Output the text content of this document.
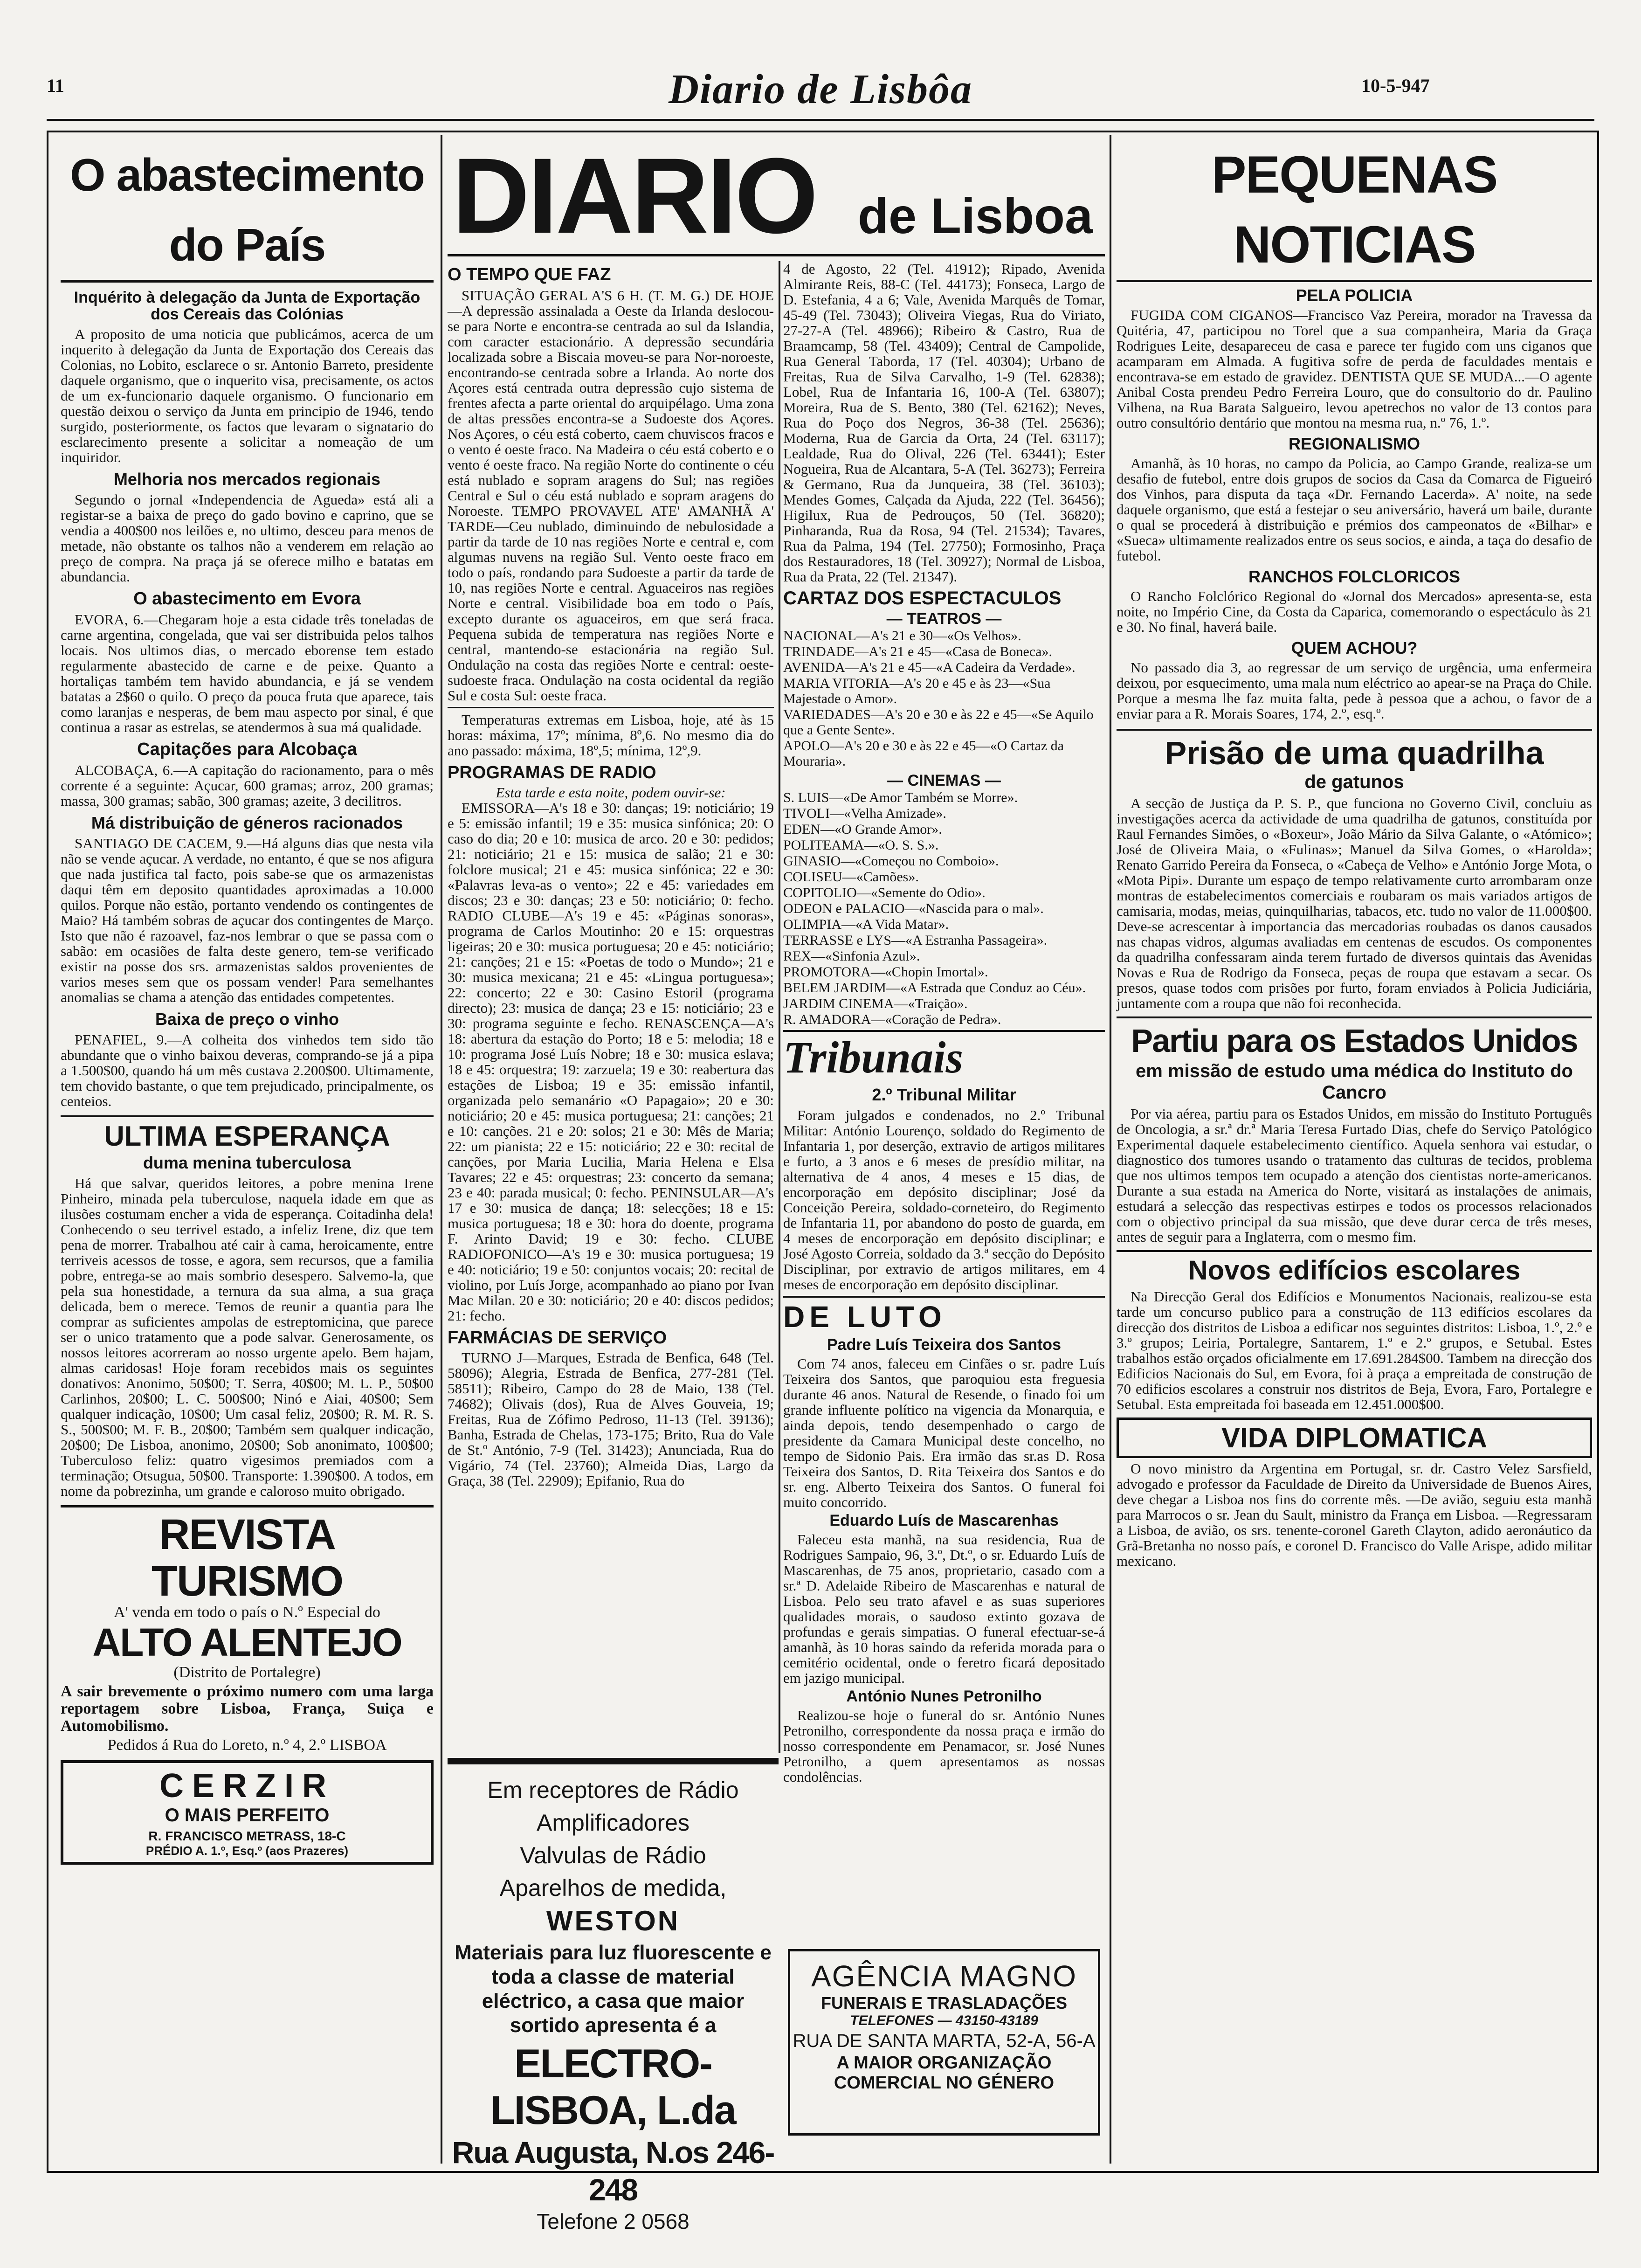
11	Diario de Lisbôa	10-5-947
O abastecimento do País
Inquérito à delegação da Junta de Exportação dos Cereais das Colónias

A proposito de uma noticia que publicámos, acerca de um inquerito à delegação da Junta de Exportação dos Cereais das Colonias, no Lobito, esclarece o sr. Antonio Barreto, presidente daquele organismo, que o inquerito visa, precisamente, os actos de um ex-funcionario daquele organismo. O funcionario em questão deixou o serviço da Junta em principio de 1946, tendo surgido, posteriormente, os factos que levaram o signatario do esclarecimento presente a solicitar a nomeação de um inquiridor.

Melhoria nos mercados regionais

Segundo o jornal «Independencia de Agueda» está ali a registar-se a baixa de preço do gado bovino e caprino, que se vendia a 400$00 nos leilões e, no ultimo, desceu para menos de metade, não obstante os talhos não a venderem em relação ao preço de compra. Na praça já se oferece milho e batatas em abundancia.

O abastecimento em Evora

EVORA, 6.—Chegaram hoje a esta cidade três toneladas de carne argentina, congelada, que vai ser distribuida pelos talhos locais. Nos ultimos dias, o mercado eborense tem estado regularmente abastecido de carne e de peixe. Quanto a hortaliças também tem havido abundancia, e já se vendem batatas a 2$60 o quilo. O preço da pouca fruta que aparece, tais como laranjas e nesperas, de bem mau aspecto por sinal, é que continua a rasar as estrelas, se atendermos à sua má qualidade.

Capitações para Alcobaça

ALCOBAÇA, 6.—A capitação do racionamento, para o mês corrente é a seguinte: Açucar, 600 gramas; arroz, 200 gramas; massa, 300 gramas; sabão, 300 gramas; azeite, 3 decilitros.

Má distribuição de géneros racionados

SANTIAGO DE CACEM, 9.—Há alguns dias que nesta vila não se vende açucar. A verdade, no entanto, é que se nos afigura que nada justifica tal facto, pois sabe-se que os armazenistas daqui têm em deposito quantidades aproximadas a 10.000 quilos. Porque não estão, portanto vendendo os contingentes de Maio? Há também sobras de açucar dos contingentes de Março. Isto que não é razoavel, faz-nos lembrar o que se passa com o sabão: em ocasiões de falta deste genero, tem-se verificado existir na posse dos srs. armazenistas saldos provenientes de varios meses sem que os possam vender! Para semelhantes anomalias se chama a atenção das entidades competentes.

Baixa de preço o vinho

PENAFIEL, 9.—A colheita dos vinhedos tem sido tão abundante que o vinho baixou deveras, comprando-se já a pipa a 1.500$00, quando há um mês custava 2.200$00. Ultimamente, tem chovido bastante, o que tem prejudicado, principalmente, os centeios.

ULTIMA ESPERANÇA
duma menina tuberculosa

Há que salvar, queridos leitores, a pobre menina Irene Pinheiro, minada pela tuberculose, naquela idade em que as ilusões costumam encher a vida de esperança. Coitadinha dela! Conhecendo o seu terrivel estado, a infeliz Irene, diz que tem pena de morrer. Trabalhou até cair à cama, heroicamente, entre terriveis acessos de tosse, e agora, sem recursos, que a familia pobre, entrega-se ao mais sombrio desespero. Salvemo-la, que pela sua honestidade, a ternura da sua alma, a sua graça delicada, bem o merece. Temos de reunir a quantia para lhe comprar as suficientes ampolas de estreptomicina, que parece ser o unico tratamento que a pode salvar. Generosamente, os nossos leitores acorreram ao nosso urgente apelo. Bem hajam, almas caridosas! Hoje foram recebidos mais os seguintes donativos: Anonimo, 50$00; T. Serra, 40$00; M. L. P., 50$00 Carlinhos, 20$00; L. C. 500$00; Ninó e Aiai, 40$00; Sem qualquer indicação, 10$00; Um casal feliz, 20$00; R. M. R. S. S., 500$00; M. F. B., 20$00; Também sem qualquer indicação, 20$00; De Lisboa, anonimo, 20$00; Sob anonimato, 100$00; Tuberculoso feliz: quatro vigesimos premiados com a terminação; Otsugua, 50$00. Transporte: 1.390$00. A todos, em nome da pobrezinha, um grande e caloroso muito obrigado.

REVISTA TURISMO
A' venda em todo o país o N.º Especial do
ALTO ALENTEJO
(Distrito de Portalegre)
A sair brevemente o próximo numero com uma larga reportagem sobre Lisboa, França, Suiça e Automobilismo.
Pedidos á Rua do Loreto, n.º 4, 2.º LISBOA
CERZIR
O MAIS PERFEITO
R. FRANCISCO METRASS, 18-C
PRÉDIO A. 1.º, Esq.º (aos Prazeres)
DIARIO de Lisboa
O TEMPO QUE FAZ

SITUAÇÃO GERAL A'S 6 H. (T. M. G.) DE HOJE—A depressão assinalada a Oeste da Irlanda deslocou-se para Norte e encontra-se centrada ao sul da Islandia, com caracter estacionário. A depressão secundária localizada sobre a Biscaia moveu-se para Nor-noroeste, encontrando-se centrada sobre a Irlanda. Ao norte dos Açores está centrada outra depressão cujo sistema de frentes afecta a parte oriental do arquipélago. Uma zona de altas pressões encontra-se a Sudoeste dos Açores. Nos Açores, o céu está coberto, caem chuviscos fracos e o vento é oeste fraco. Na Madeira o céu está coberto e o vento é oeste fraco. Na região Norte do continente o céu está nublado e sopram aragens do Sul; nas regiões Central e Sul o céu está nublado e sopram aragens do Noroeste. TEMPO PROVAVEL ATE' AMANHÃ A' TARDE—Ceu nublado, diminuindo de nebulosidade a partir da tarde de 10 nas regiões Norte e central e, com algumas nuvens na região Sul. Vento oeste fraco em todo o país, rondando para Sudoeste a partir da tarde de 10, nas regiões Norte e central. Aguaceiros nas regiões Norte e central. Visibilidade boa em todo o País, excepto durante os aguaceiros, em que será fraca. Pequena subida de temperatura nas regiões Norte e central, mantendo-se estacionária na região Sul. Ondulação na costa das regiões Norte e central: oeste-sudoeste fraca. Ondulação na costa ocidental da região Sul e costa Sul: oeste fraca.

Temperaturas extremas em Lisboa, hoje, até às 15 horas: máxima, 17º; mínima, 8º,6. No mesmo dia do ano passado: máxima, 18º,5; mínima, 12º,9.

PROGRAMAS DE RADIO
Esta tarde e esta noite, podem ouvir-se:

EMISSORA—A's 18 e 30: danças; 19: noticiário; 19 e 5: emissão infantil; 19 e 35: musica sinfónica; 20: O caso do dia; 20 e 10: musica de arco. 20 e 30: pedidos; 21: noticiário; 21 e 15: musica de salão; 21 e 30: folclore musical; 21 e 45: musica sinfónica; 22 e 30: «Palavras leva-as o vento»; 22 e 45: variedades em discos; 23 e 30: danças; 23 e 50: noticiário; 0: fecho. RADIO CLUBE—A's 19 e 45: «Páginas sonoras», programa de Carlos Moutinho: 20 e 15: orquestras ligeiras; 20 e 30: musica portuguesa; 20 e 45: noticiário; 21: canções; 21 e 15: «Poetas de todo o Mundo»; 21 e 30: musica mexicana; 21 e 45: «Lingua portuguesa»; 22: concerto; 22 e 30: Casino Estoril (programa directo); 23: musica de dança; 23 e 15: noticiário; 23 e 30: programa seguinte e fecho. RENASCENÇA—A's 18: abertura da estação do Porto; 18 e 5: melodia; 18 e 10: programa José Luís Nobre; 18 e 30: musica eslava; 18 e 45: orquestra; 19: zarzuela; 19 e 30: reabertura das estações de Lisboa; 19 e 35: emissão infantil, organizada pelo semanário «O Papagaio»; 20 e 30: noticiário; 20 e 45: musica portuguesa; 21: canções; 21 e 10: canções. 21 e 20: solos; 21 e 30: Mês de Maria; 22: um pianista; 22 e 15: noticiário; 22 e 30: recital de canções, por Maria Lucilia, Maria Helena e Elsa Tavares; 22 e 45: orquestras; 23: concerto da semana; 23 e 40: parada musical; 0: fecho. PENINSULAR—A's 17 e 30: musica de dança; 18: selecções; 18 e 15: musica portuguesa; 18 e 30: hora do doente, programa F. Arinto David; 19 e 30: fecho. CLUBE RADIOFONICO—A's 19 e 30: musica portuguesa; 19 e 40: noticiário; 19 e 50: conjuntos vocais; 20: recital de violino, por Luís Jorge, acompanhado ao piano por Ivan Mac Milan. 20 e 30: noticiário; 20 e 40: discos pedidos; 21: fecho.

FARMÁCIAS DE SERVIÇO

TURNO J—Marques, Estrada de Benfica, 648 (Tel. 58096); Alegria, Estrada de Benfica, 277-281 (Tel. 58511); Ribeiro, Campo do 28 de Maio, 138 (Tel. 74682); Olivais (dos), Rua de Alves Gouveia, 19; Freitas, Rua de Zófimo Pedroso, 11-13 (Tel. 39136); Banha, Estrada de Chelas, 173-175; Brito, Rua do Vale de St.º António, 7-9 (Tel. 31423); Anunciada, Rua do Vigário, 74 (Tel. 23760); Almeida Dias, Largo da Graça, 38 (Tel. 22909); Epifanio, Rua do

Em receptores de Rádio
Amplificadores
Valvulas de Rádio
Aparelhos de medida,
WESTON
Materiais para luz fluorescente e toda a classe de material eléctrico, a casa que maior sortido apresenta é a
ELECTRO-LISBOA, L.da
Rua Augusta, N.os 246-248
Telefone 2 0568

4 de Agosto, 22 (Tel. 41912); Ripado, Avenida Almirante Reis, 88-C (Tel. 44173); Fonseca, Largo de D. Estefania, 4 a 6; Vale, Avenida Marquês de Tomar, 45-49 (Tel. 73043); Oliveira Viegas, Rua do Viriato, 27-27-A (Tel. 48966); Ribeiro & Castro, Rua de Braamcamp, 58 (Tel. 43409); Central de Campolide, Rua General Taborda, 17 (Tel. 40304); Urbano de Freitas, Rua de Silva Carvalho, 1-9 (Tel. 62838); Lobel, Rua de Infantaria 16, 100-A (Tel. 63807); Moreira, Rua de S. Bento, 380 (Tel. 62162); Neves, Rua do Poço dos Negros, 36-38 (Tel. 25636); Moderna, Rua de Garcia da Orta, 24 (Tel. 63117); Lealdade, Rua do Olival, 226 (Tel. 63441); Ester Nogueira, Rua de Alcantara, 5-A (Tel. 36273); Ferreira & Germano, Rua da Junqueira, 38 (Tel. 36103); Mendes Gomes, Calçada da Ajuda, 222 (Tel. 36456); Higilux, Rua de Pedrouços, 50 (Tel. 36820); Pinharanda, Rua da Rosa, 94 (Tel. 21534); Tavares, Rua da Palma, 194 (Tel. 27750); Formosinho, Praça dos Restauradores, 18 (Tel. 30927); Normal de Lisboa, Rua da Prata, 22 (Tel. 21347).

CARTAZ DOS ESPECTACULOS
— TEATROS —
NACIONAL—A's 21 e 30—«Os Velhos».
TRINDADE—A's 21 e 45—«Casa de Boneca».
AVENIDA—A's 21 e 45—«A Cadeira da Verdade».
MARIA VITORIA—A's 20 e 45 e às 23—«Sua Majestade o Amor».
VARIEDADES—A's 20 e 30 e às 22 e 45—«Se Aquilo que a Gente Sente».
APOLO—A's 20 e 30 e às 22 e 45—«O Cartaz da Mouraria».
— CINEMAS —
S. LUIS—«De Amor Também se Morre».
TIVOLI—«Velha Amizade».
EDEN—«O Grande Amor».
POLITEAMA—«O. S. S.».
GINASIO—«Começou no Comboio».
COLISEU—«Camões».
COPITOLIO—«Semente do Odio».
ODEON e PALACIO—«Nascida para o mal».
OLIMPIA—«A Vida Matar».
TERRASSE e LYS—«A Estranha Passageira».
REX—«Sinfonia Azul».
PROMOTORA—«Chopin Imortal».
BELEM JARDIM—«A Estrada que Conduz ao Céu».
JARDIM CINEMA—«Traição».
R. AMADORA—«Coração de Pedra».
Tribunais
2.º Tribunal Militar

Foram julgados e condenados, no 2.º Tribunal Militar: António Lourenço, soldado do Regimento de Infantaria 1, por deserção, extravio de artigos militares e furto, a 3 anos e 6 meses de presídio militar, na alternativa de 4 anos, 4 meses e 15 dias, de encorporação em depósito disciplinar; José da Conceição Pereira, soldado-corneteiro, do Regimento de Infantaria 11, por abandono do posto de guarda, em 4 meses de encorporação em depósito disciplinar; e José Agosto Correia, soldado da 3.ª secção do Depósito Disciplinar, por extravio de artigos militares, em 4 meses de encorporação em depósito disciplinar.

DE LUTO
Padre Luís Teixeira dos Santos

Com 74 anos, faleceu em Cinfães o sr. padre Luís Teixeira dos Santos, que paroquiou esta freguesia durante 46 anos. Natural de Resende, o finado foi um grande influente político na vigencia da Monarquia, e ainda depois, tendo desempenhado o cargo de presidente da Camara Municipal deste concelho, no tempo de Sidonio Pais. Era irmão das sr.as D. Rosa Teixeira dos Santos, D. Rita Teixeira dos Santos e do sr. eng. Alberto Teixeira dos Santos. O funeral foi muito concorrido.

Eduardo Luís de Mascarenhas

Faleceu esta manhã, na sua residencia, Rua de Rodrigues Sampaio, 96, 3.º, Dt.º, o sr. Eduardo Luís de Mascarenhas, de 75 anos, proprietario, casado com a sr.ª D. Adelaide Ribeiro de Mascarenhas e natural de Lisboa. Pelo seu trato afavel e as suas superiores qualidades morais, o saudoso extinto gozava de profundas e gerais simpatias. O funeral efectuar-se-á amanhã, às 10 horas saindo da referida morada para o cemitério ocidental, onde o feretro ficará depositado em jazigo municipal.

António Nunes Petronilho

Realizou-se hoje o funeral do sr. António Nunes Petronilho, correspondente da nossa praça e irmão do nosso correspondente em Penamacor, sr. José Nunes Petronilho, a quem apresentamos as nossas condolências.

AGÊNCIA MAGNO
FUNERAIS E TRASLADAÇÕES
TELEFONES — 43150-43189
RUA DE SANTA MARTA, 52-A, 56-A
A MAIOR ORGANIZAÇÃO
COMERCIAL NO GÉNERO
PEQUENAS NOTICIAS
PELA POLICIA

FUGIDA COM CIGANOS—Francisco Vaz Pereira, morador na Travessa da Quitéria, 47, participou no Torel que a sua companheira, Maria da Graça Rodrigues Leite, desapareceu de casa e parece ter fugido com uns ciganos que acamparam em Almada. A fugitiva sofre de perda de faculdades mentais e encontrava-se em estado de gravidez. DENTISTA QUE SE MUDA...—O agente Anibal Costa prendeu Pedro Ferreira Louro, que do consultorio do dr. Paulino Vilhena, na Rua Barata Salgueiro, levou apetrechos no valor de 13 contos para outro consultório dentário que montou na mesma rua, n.º 76, 1.º.

REGIONALISMO

Amanhã, às 10 horas, no campo da Policia, ao Campo Grande, realiza-se um desafio de futebol, entre dois grupos de socios da Casa da Comarca de Figueiró dos Vinhos, para disputa da taça «Dr. Fernando Lacerda». A' noite, na sede daquele organismo, que está a festejar o seu aniversário, haverá um baile, durante o qual se procederá à distribuição e prémios dos campeonatos de «Bilhar» e «Sueca» ultimamente realizados entre os seus socios, e ainda, a taça do desafio de futebol.

RANCHOS FOLCLORICOS

O Rancho Folclórico Regional do «Jornal dos Mercados» apresenta-se, esta noite, no Império Cine, da Costa da Caparica, comemorando o espectáculo às 21 e 30. No final, haverá baile.

QUEM ACHOU?

No passado dia 3, ao regressar de um serviço de urgência, uma enfermeira deixou, por esquecimento, uma mala num eléctrico ao apear-se na Praça do Chile. Porque a mesma lhe faz muita falta, pede à pessoa que a achou, o favor de a enviar para a R. Morais Soares, 174, 2.º, esq.º.

Prisão de uma quadrilha
de gatunos

A secção de Justiça da P. S. P., que funciona no Governo Civil, concluiu as investigações acerca da actividade de uma quadrilha de gatunos, constituída por Raul Fernandes Simões, o «Boxeur», João Mário da Silva Galante, o «Atómico»; José de Oliveira Maia, o «Fulinas»; Manuel da Silva Gomes, o «Harolda»; Renato Garrido Pereira da Fonseca, o «Cabeça de Velho» e António Jorge Mota, o «Mota Pipi». Durante um espaço de tempo relativamente curto arrombaram onze montras de estabelecimentos comerciais e roubaram os mais variados artigos de camisaria, modas, meias, quinquilharias, tabacos, etc. tudo no valor de 11.000$00. Deve-se acrescentar à importancia das mercadorias roubadas os danos causados nas chapas vidros, algumas avaliadas em centenas de escudos. Os componentes da quadrilha confessaram ainda terem furtado de diversos quintais das Avenidas Novas e Rua de Rodrigo da Fonseca, peças de roupa que estavam a secar. Os presos, quase todos com prisões por furto, foram enviados à Policia Judiciária, juntamente com a roupa que não foi reconhecida.

Partiu para os Estados Unidos
em missão de estudo uma médica do Instituto do Cancro

Por via aérea, partiu para os Estados Unidos, em missão do Instituto Português de Oncologia, a sr.ª dr.ª Maria Teresa Furtado Dias, chefe do Serviço Patológico Experimental daquele estabelecimento científico. Aquela senhora vai estudar, o diagnostico dos tumores usando o tratamento das culturas de tecidos, problema que nos ultimos tempos tem ocupado a atenção dos cientistas norte-americanos. Durante a sua estada na America do Norte, visitará as instalações de animais, estudará a selecção das respectivas estirpes e todos os processos relacionados com o objectivo principal da sua missão, que deve durar cerca de três meses, antes de seguir para a Inglaterra, com o mesmo fim.

Novos edifícios escolares

Na Direcção Geral dos Edifícios e Monumentos Nacionais, realizou-se esta tarde um concurso publico para a construção de 113 edifícios escolares da direcção dos distritos de Lisboa a edificar nos seguintes distritos: Lisboa, 1.º, 2.º e 3.º grupos; Leiria, Portalegre, Santarem, 1.º e 2.º grupos, e Setubal. Estes trabalhos estão orçados oficialmente em 17.691.284$00. Tambem na direcção dos Edificios Nacionais do Sul, em Evora, foi à praça a empreitada de construção de 70 edificios escolares a construir nos distritos de Beja, Evora, Faro, Portalegre e Setubal. Esta empreitada foi baseada em 12.451.000$00.

VIDA DIPLOMATICA

O novo ministro da Argentina em Portugal, sr. dr. Castro Velez Sarsfield, advogado e professor da Faculdade de Direito da Universidade de Buenos Aires, deve chegar a Lisboa nos fins do corrente mês. —De avião, seguiu esta manhã para Marrocos o sr. Jean du Sault, ministro da França em Lisboa. —Regressaram a Lisboa, de avião, os srs. tenente-coronel Gareth Clayton, adido aeronáutico da Grã-Bretanha no nosso país, e coronel D. Francisco do Valle Arispe, adido militar mexicano.
